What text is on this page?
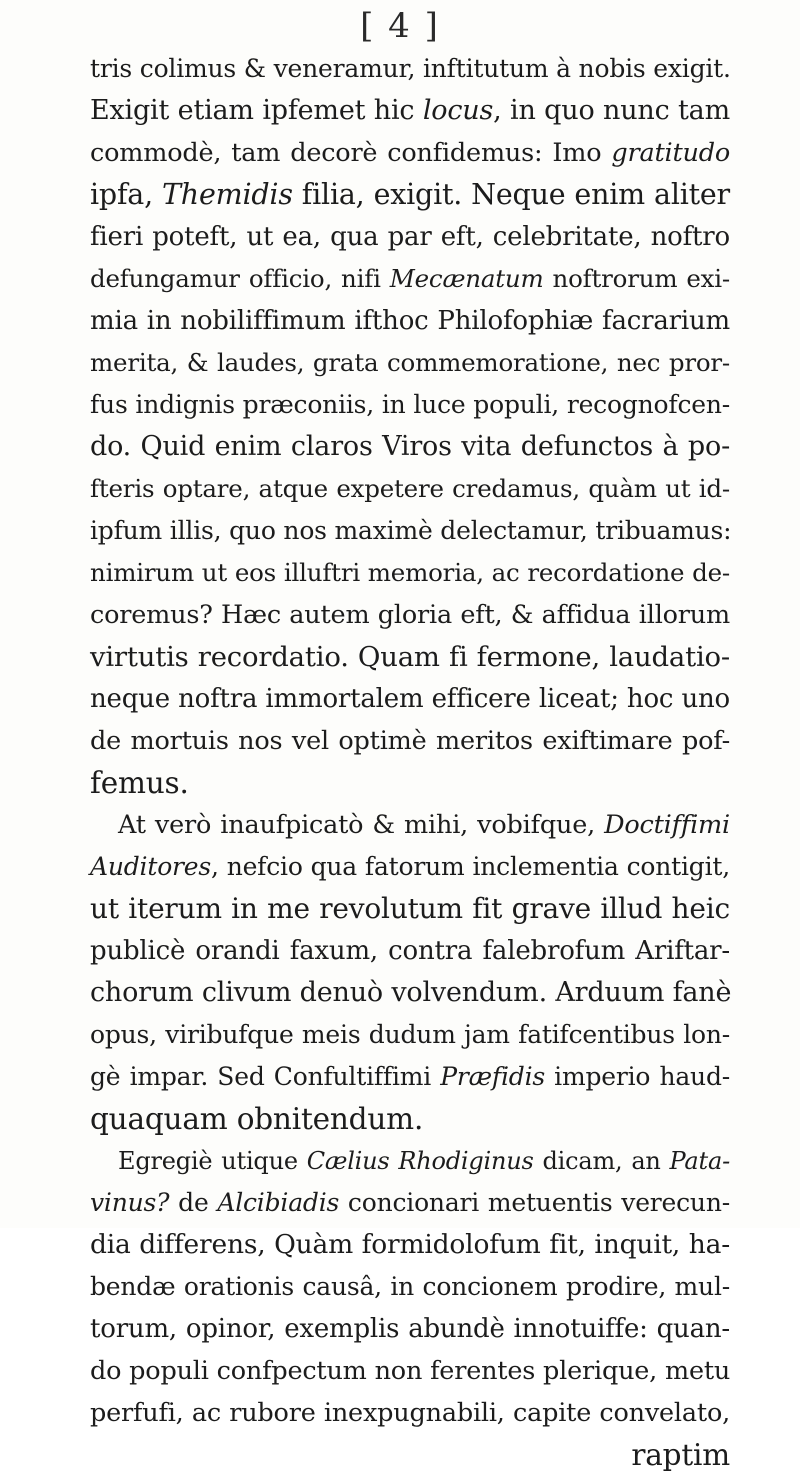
[ 4 ]
tris colimus & veneramur, inftitutum à nobis exigit.
Exigit etiam ipfemet hic locus, in quo nunc tam
commodè, tam decorè confidemus: Imo gratitudo
ipfa, Themidis filia, exigit. Neque enim aliter
fieri poteft, ut ea, qua par eft, celebritate, noftro
defungamur officio, nifi Mecænatum noftrorum exi-
mia in nobiliffimum ifthoc Philofophiæ facrarium
merita, & laudes, grata commemoratione, nec pror-
fus indignis præconiis, in luce populi, recognofcen-
do. Quid enim claros Viros vita defunctos à po-
fteris optare, atque expetere credamus, quàm ut id-
ipfum illis, quo nos maximè delectamur, tribuamus:
nimirum ut eos illuftri memoria, ac recordatione de-
coremus? Hæc autem gloria eft, & affidua illorum
virtutis recordatio. Quam fi fermone, laudatio-
neque noftra immortalem efficere liceat; hoc uno
de mortuis nos vel optimè meritos exiftimare pof-
femus.
At verò inaufpicatò & mihi, vobifque, Doctiffimi
Auditores, nefcio qua fatorum inclementia contigit,
ut iterum in me revolutum fit grave illud heic
publicè orandi faxum, contra falebrofum Ariftar-
chorum clivum denuò volvendum. Arduum fanè
opus, viribufque meis dudum jam fatifcentibus lon-
gè impar. Sed Confultiffimi Præfidis imperio haud-
quaquam obnitendum.
Egregiè utique Cælius Rhodiginus dicam, an Pata-
vinus? de Alcibiadis concionari metuentis verecun-
dia differens, Quàm formidolofum fit, inquit, ha-
bendæ orationis causâ, in concionem prodire, mul-
torum, opinor, exemplis abundè innotuiffe: quan-
do populi confpectum non ferentes plerique, metu
perfufi, ac rubore inexpugnabili, capite convelato,
raptim
